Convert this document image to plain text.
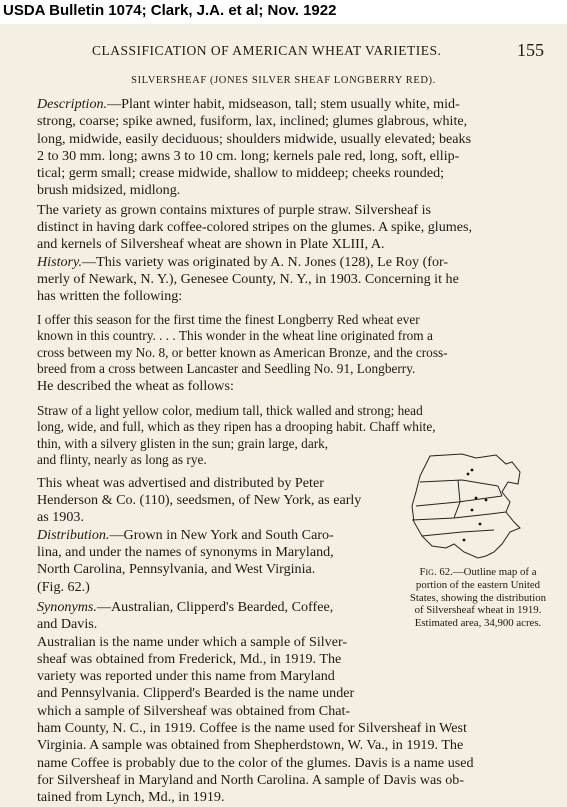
USDA Bulletin 1074; Clark, J.A. et al; Nov. 1922
CLASSIFICATION OF AMERICAN WHEAT VARIETIES.	155
SILVERSHEAF (JONES SILVER SHEAF LONGBERRY RED).
Description.—Plant winter habit, midseason, tall; stem usually white, mid-
strong, coarse; spike awned, fusiform, lax, inclined; glumes glabrous, white,
long, midwide, easily deciduous; shoulders midwide, usually elevated; beaks
2 to 30 mm. long; awns 3 to 10 cm. long; kernels pale red, long, soft, ellip-
tical; germ small; crease midwide, shallow to middeep; cheeks rounded;
brush midsized, midlong.
The variety as grown contains mixtures of purple straw. Silversheaf is
distinct in having dark coffee-colored stripes on the glumes. A spike, glumes,
and kernels of Silversheaf wheat are shown in Plate XLIII, A.
History.—This variety was originated by A. N. Jones (128), Le Roy (for-
merly of Newark, N. Y.), Genesee County, N. Y., in 1903. Concerning it he
has written the following:
I offer this season for the first time the finest Longberry Red wheat ever
known in this country. . . . This wonder in the wheat line originated from a
cross between my No. 8, or better known as American Bronze, and the cross-
breed from a cross between Lancaster and Seedling No. 91, Longberry.
He described the wheat as follows:
Straw of a light yellow color, medium tall, thick walled and strong; head
long, wide, and full, which as they ripen has a drooping habit. Chaff white,
thin, with a silvery glisten in the sun; grain large, dark,
and flinty, nearly as long as rye.
This wheat was advertised and distributed by Peter
Henderson & Co. (110), seedsmen, of New York, as early
as 1903.
Distribution.—Grown in New York and South Caro-
lina, and under the names of synonyms in Maryland,
North Carolina, Pennsylvania, and West Virginia.
(Fig. 62.)
Synonyms.—Australian, Clipperd's Bearded, Coffee,
and Davis.
Australian is the name under which a sample of Silver-
sheaf was obtained from Frederick, Md., in 1919. The
variety was reported under this name from Maryland
and Pennsylvania. Clipperd's Bearded is the name under
which a sample of Silversheaf was obtained from Chat-
ham County, N. C., in 1919. Coffee is the name used for Silversheaf in West
Virginia. A sample was obtained from Shepherdstown, W. Va., in 1919. The
name Coffee is probably due to the color of the glumes. Davis is a name used
for Silversheaf in Maryland and North Carolina. A sample of Davis was ob-
tained from Lynch, Md., in 1919.
Fig. 62.—Outline map of a portion of the eastern United States, showing the distribution of Silversheaf wheat in 1919. Estimated area, 34,900 acres.
